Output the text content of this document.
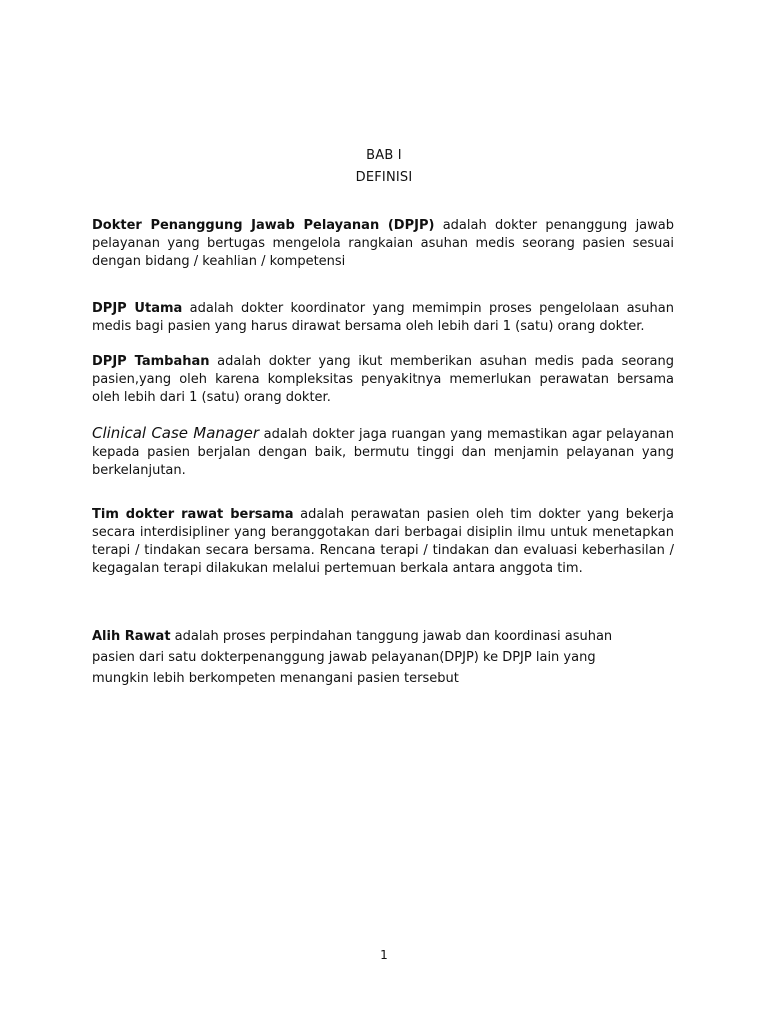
BAB I
DEFINISI
Dokter Penanggung Jawab Pelayanan (DPJP) adalah dokter penanggung jawab pelayanan yang bertugas mengelola rangkaian asuhan medis seorang pasien sesuai dengan bidang / keahlian / kompetensi
DPJP Utama adalah dokter koordinator yang memimpin proses pengelolaan asuhan medis bagi pasien yang harus dirawat bersama oleh lebih dari 1 (satu) orang dokter.
DPJP Tambahan adalah dokter yang ikut memberikan asuhan medis pada seorang pasien,yang oleh karena kompleksitas penyakitnya memerlukan perawatan bersama oleh lebih dari 1 (satu) orang dokter.
Clinical Case Manager adalah dokter jaga ruangan yang memastikan agar pelayanan kepada pasien berjalan dengan baik, bermutu tinggi dan menjamin pelayanan yang berkelanjutan.
Tim dokter rawat bersama adalah perawatan pasien oleh tim dokter yang bekerja secara interdisipliner yang beranggotakan dari berbagai disiplin ilmu untuk menetapkan terapi / tindakan secara bersama. Rencana terapi / tindakan dan evaluasi keberhasilan / kegagalan terapi dilakukan melalui pertemuan berkala antara anggota tim.
Alih Rawat adalah proses perpindahan tanggung jawab dan koordinasi asuhan pasien dari satu dokterpenanggung jawab pelayanan(DPJP) ke DPJP lain yang mungkin lebih berkompeten menangani pasien tersebut
1
